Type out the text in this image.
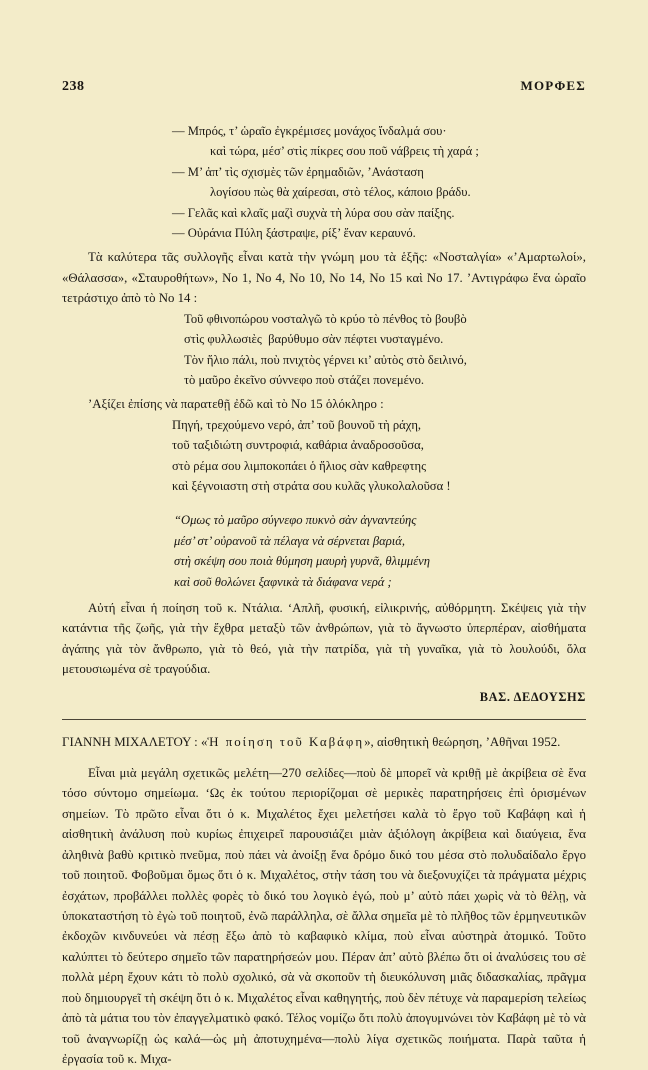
238	ΜΟΡΦΕΣ
— Μπρός, τ’ ὡραῖο ἐγκρέμισες μονάχος ἴνδαλμά σου·
καὶ τώρα, μέσ’ στὶς πίκρες σου ποῦ νάβρεις τὴ χαρά ;
— Μ’ ἀπ’ τὶς σχισμὲς τῶν ἐρημαδιῶν, ’Ανάσταση
λογίσου πὼς θὰ χαίρεσαι, στὸ τέλος, κάποιο βράδυ.
— Γελᾶς καὶ κλαῖς μαζὶ συχνὰ τὴ λύρα σου σὰν παίξης.
— Οὐράνια Πύλη ξάστραψε, ρίξ’ ἕναν κεραυνό.

Τὰ καλύτερα τᾶς συλλογῆς εἶναι κατὰ τὴν γνώμη μου τὰ ἑξῆς: «Νοσταλγία» «’Αμαρτωλοί», «Θάλασσα», «Σταυροθήτων», Νο 1, Νο 4, Νο 10, Νο 14, Νο 15 καὶ Νο 17. ’Αντιγράφω ἕνα ὡραῖο τετράστιχο ἀπὸ τὸ Νο 14 :

Τοῦ φθινοπώρου νοσταλγῶ τὸ κρύο τὸ πένθος τὸ βουβὸ
στὶς φυλλωσιὲς  βαρύθυμο σὰν πέφτει νυσταγμένο.
Τὸν ἥλιο πάλι, ποὺ πνιχτὸς γέρνει κι’ αὐτὸς στὸ δειλινό,
τὸ μαῦρο ἐκεῖνο σύννεφο ποὺ στάζει πονεμένο.

’Αξίζει ἐπίσης νὰ παρατεθῇ ἐδῶ καὶ τὸ Νο 15 ὁλόκληρο :

Πηγή, τρεχούμενο νερό, ἀπ’ τοῦ βουνοῦ τὴ ράχη,
τοῦ ταξιδιώτη συντροφιά, καθάρια ἀναδροσοῦσα,
στὸ ρέμα σου λιμποκοπάει ὁ ἥλιος σὰν καθρεφτης
καὶ ξέγνοιαστη στὴ στράτα σου κυλᾶς γλυκολαλοῦσα !
“Ομως τὸ μαῦρο σύγνεφο πυκνὸ σὰν ἀγναντεύης
μέσ’ στ’ οὐρανοῦ τὰ πέλαγα νὰ σέρνεται βαριά,
στὴ σκέψη σου ποιὰ θύμηση μαυρὴ γυρνᾶ, θλιμμένη
καὶ σοῦ θολώνει ξαφνικὰ τὰ διάφανα νερά ;

Αὐτή εἶναι ἡ ποίηση τοῦ κ. Ντάλια. ‘Απλῆ, φυσική, εἰλικρινής, αὐθόρμητη. Σκέψεις γιὰ τὴν κατάντια τῆς ζωῆς, γιὰ τὴν ἔχθρα μεταξὺ τῶν ἀνθρώπων, γιὰ τὸ ἄγνωστο ὑπερπέραν, αἰσθήματα ἀγάπης γιὰ τὸν ἄνθρωπο, γιὰ τὸ θεό, γιὰ τὴν πατρίδα, γιὰ τὴ γυναῖκα, γιὰ τὸ λουλούδι, ὅλα μετουσιωμένα σὲ τραγούδια.

ΒΑΣ. ΔΕΔΟΥΣΗΣ

ΓΙΑΝΝΗ ΜΙΧΑΛΕΤΟΥ : «Ἡ ποίηση τοῦ Καβάφη», αἰσθητικὴ θεώρηση, ’Αθῆναι 1952.

Εἶναι μιὰ μεγάλη σχετικῶς μελέτη—270 σελίδες—ποὺ δὲ μπορεῖ νὰ κριθῇ μὲ ἀκρίβεια σὲ ἕνα τόσο σύντομο σημείωμα. ‘Ως ἐκ τούτου περιορίζομαι σὲ μερικὲς παρατηρήσεις ἐπὶ ὁρισμένων σημείων. Τὸ πρῶτο εἶναι ὅτι ὁ κ. Μιχαλέτος ἔχει μελετήσει καλὰ τὸ ἔργο τοῦ Καβάφη καὶ ἡ αἰσθητικὴ ἀνάλυση ποὺ κυρίως ἐπιχειρεῖ παρουσιάζει μιὰν ἀξιόλογη ἀκρίβεια καὶ διαύγεια, ἕνα ἀληθινὰ βαθὺ κριτικὸ πνεῦμα, ποὺ πάει νὰ ἀνοίξῃ ἕνα δρόμο δικό του μέσα στὸ πολυδαίδαλο ἔργο τοῦ ποιητοῦ. Φοβοῦμαι ὅμως ὅτι ὁ κ. Μιχαλέτος, στὴν τάση του νὰ διεξονυχίζει τὰ πράγματα μέχρις ἐσχάτων, προβάλλει πολλὲς φορὲς τὸ δικό του λογικὸ ἐγώ, ποὺ μ’ αὐτὸ πάει χωρὶς νὰ τὸ θέλῃ, νὰ ὑποκαταστήση τὸ ἐγὼ τοῦ ποιητοῦ, ἐνῶ παράλληλα, σὲ ἄλλα σημεῖα μὲ τὸ πλῆθος τῶν ἑρμηνευτικῶν ἐκδοχῶν κινδυνεύει νὰ πέσῃ ἔξω ἀπὸ τὸ καβαφικὸ κλίμα, ποὺ εἶναι αὐστηρὰ ἀτομικό. Τοῦτο καλύπτει τὸ δεύτερο σημεῖο τῶν παρατηρήσεών μου. Πέραν ἀπ’ αὐτὸ βλέπω ὅτι οἱ ἀναλύσεις του σὲ πολλὰ μέρη ἔχουν κάτι τὸ πολὺ σχολικό, σὰ νὰ σκοποῦν τὴ διευκόλυνση μιᾶς διδασκαλίας, πρᾶγμα ποὺ δημιουργεῖ τὴ σκέψη ὅτι ὁ κ. Μιχαλέτος εἶναι καθηγητής, ποὺ δὲν πέτυχε νὰ παραμερίση τελείως ἀπὸ τὰ μάτια του τὸν ἐπαγγελματικὸ φακό. Τέλος νομίζω ὅτι πολὺ ἀπογυμνώνει τὸν Καβάφη μὲ τὸ νὰ τοῦ ἀναγνωρίζῃ ὡς καλά—ὡς μὴ ἀποτυχημένα—πολὺ λίγα σχετικῶς ποιήματα. Παρὰ ταῦτα ἡ ἐργασία τοῦ κ. Μιχα-
